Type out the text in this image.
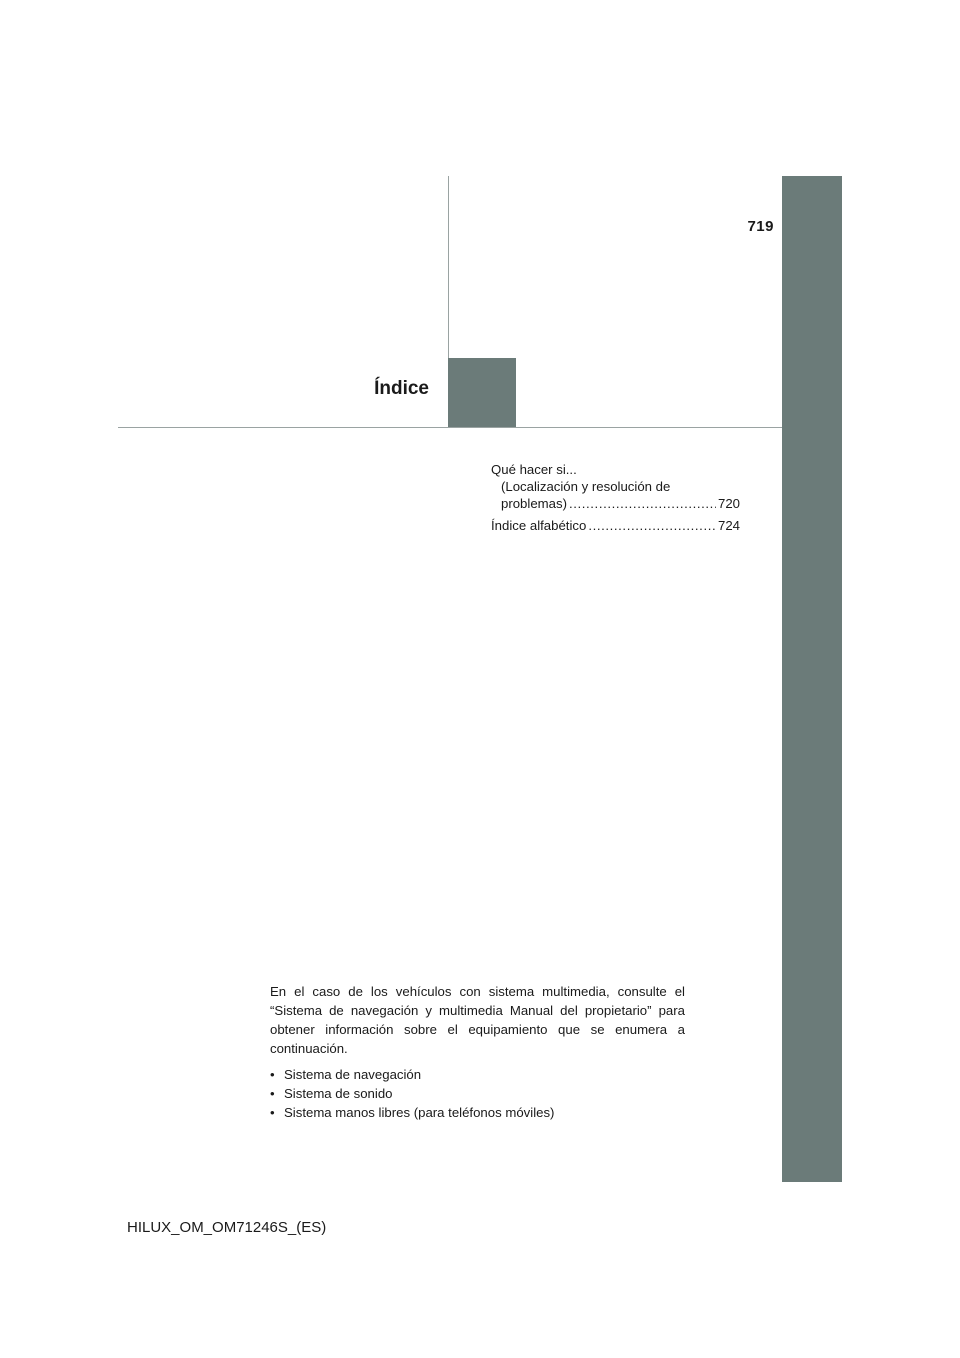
719
Índice
Qué hacer si...
(Localización y resolución de
problemas) .....	720
Índice alfabético .....	724

En el caso de los vehículos con sistema multimedia, consulte el “Sistema de navegación y multimedia Manual del propietario” para obtener información sobre el equipamiento que se enumera a continuación.

• Sistema de navegación
• Sistema de sonido
• Sistema manos libres (para teléfonos móviles)
HILUX_OM_OM71246S_(ES)
